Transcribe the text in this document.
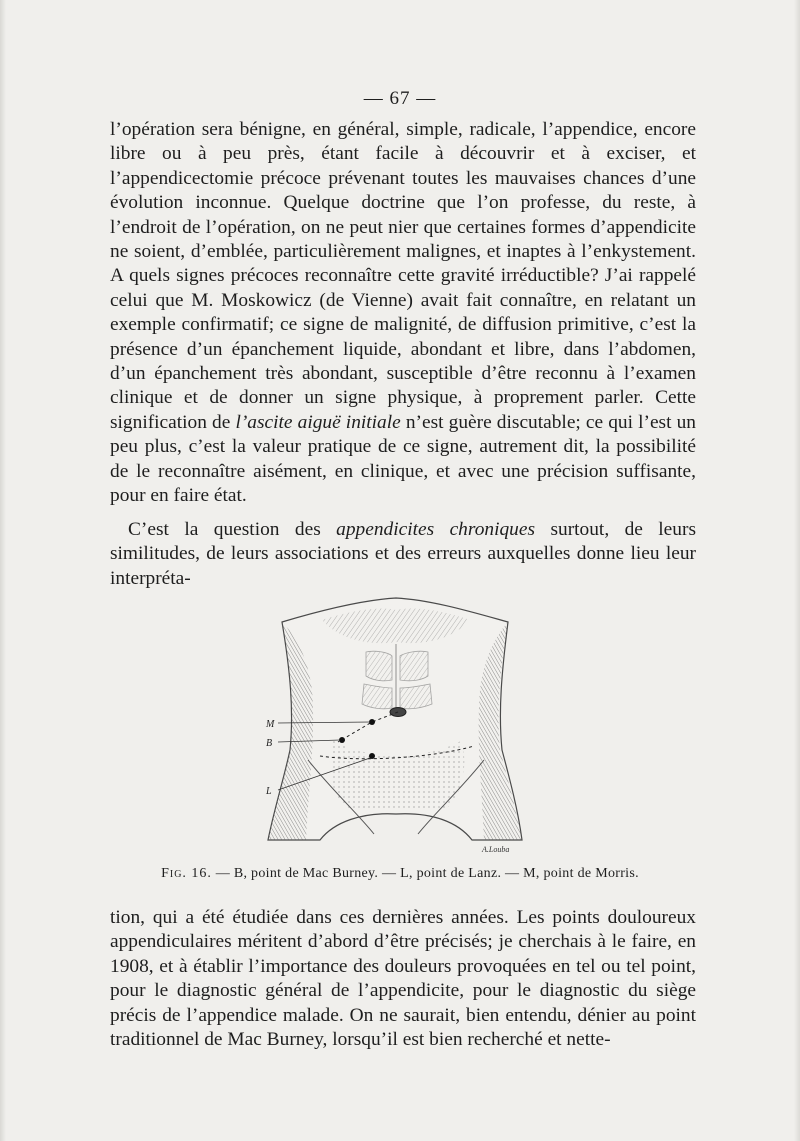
— 67 —

l’opération sera bénigne, en général, simple, radicale, l’appendice, encore libre ou à peu près, étant facile à découvrir et à exciser, et l’appendicectomie précoce prévenant toutes les mauvaises chances d’une évolution inconnue. Quelque doctrine que l’on professe, du reste, à l’endroit de l’opération, on ne peut nier que certaines formes d’appendicite ne soient, d’emblée, particulièrement malignes, et inaptes à l’enkystement. A quels signes précoces reconnaître cette gravité irréductible? J’ai rappelé celui que M. Moskowicz (de Vienne) avait fait connaître, en relatant un exemple confirmatif; ce signe de malignité, de diffusion primitive, c’est la présence d’un épanchement liquide, abondant et libre, dans l’abdomen, d’un épanchement très abondant, susceptible d’être reconnu à l’examen clinique et de donner un signe physique, à proprement parler. Cette signification de l’ascite aiguë initiale n’est guère discutable; ce qui l’est un peu plus, c’est la valeur pratique de ce signe, autrement dit, la possibilité de le reconnaître aisément, en clinique, et avec une précision suffisante, pour en faire état.

C’est la question des appendicites chroniques surtout, de leurs similitudes, de leurs associations et des erreurs auxquelles donne lieu leur interpréta-

M
B
L
A.Louba
Fig. 16. — B, point de Mac Burney. — L, point de Lanz. — M, point de Morris.

tion, qui a été étudiée dans ces dernières années. Les points douloureux appendiculaires méritent d’abord d’être précisés; je cherchais à le faire, en 1908, et à établir l’importance des douleurs provoquées en tel ou tel point, pour le diagnostic général de l’appendicite, pour le diagnostic du siège précis de l’appendice malade. On ne saurait, bien entendu, dénier au point traditionnel de Mac Burney, lorsqu’il est bien recherché et nette-
